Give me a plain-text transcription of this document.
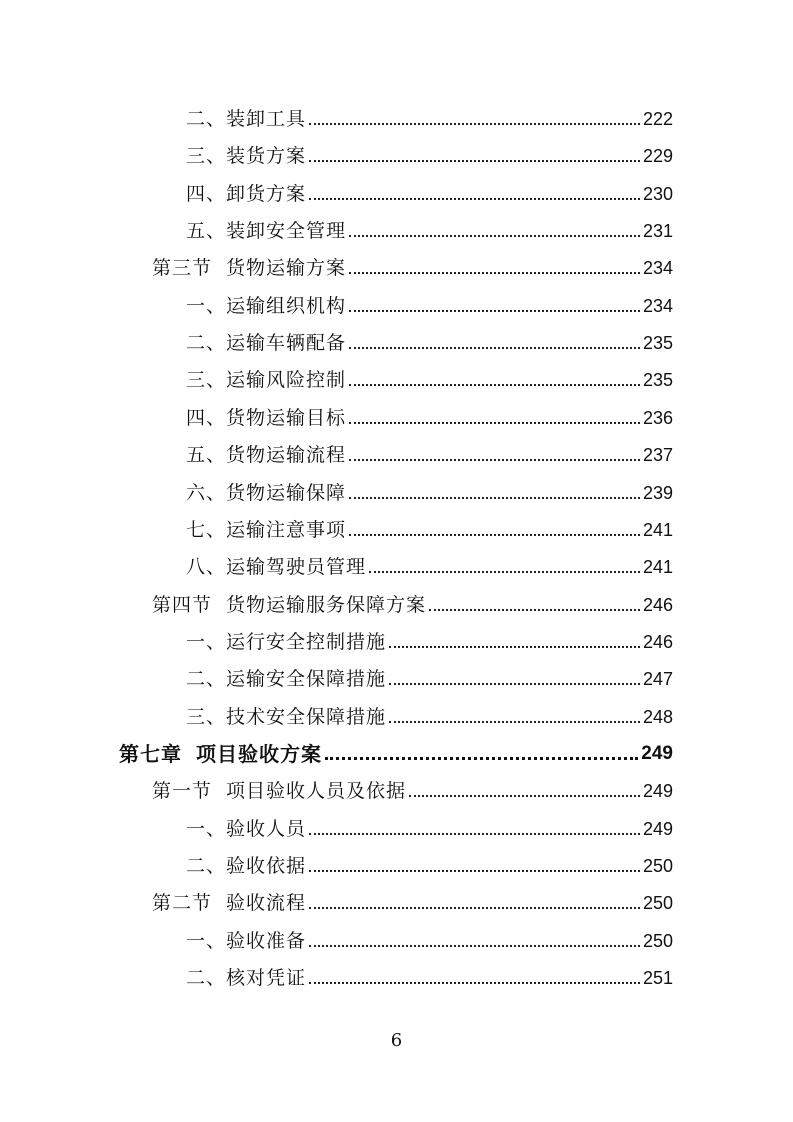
二、装卸工具	222
三、装货方案	229
四、卸货方案	230
五、装卸安全管理	231
第三节 货物运输方案	234
一、运输组织机构	234
二、运输车辆配备	235
三、运输风险控制	235
四、货物运输目标	236
五、货物运输流程	237
六、货物运输保障	239
七、运输注意事项	241
八、运输驾驶员管理	241
第四节 货物运输服务保障方案	246
一、运行安全控制措施	246
二、运输安全保障措施	247
三、技术安全保障措施	248
第七章 项目验收方案	249
第一节 项目验收人员及依据	249
一、验收人员	249
二、验收依据	250
第二节 验收流程	250
一、验收准备	250
二、核对凭证	251
6
